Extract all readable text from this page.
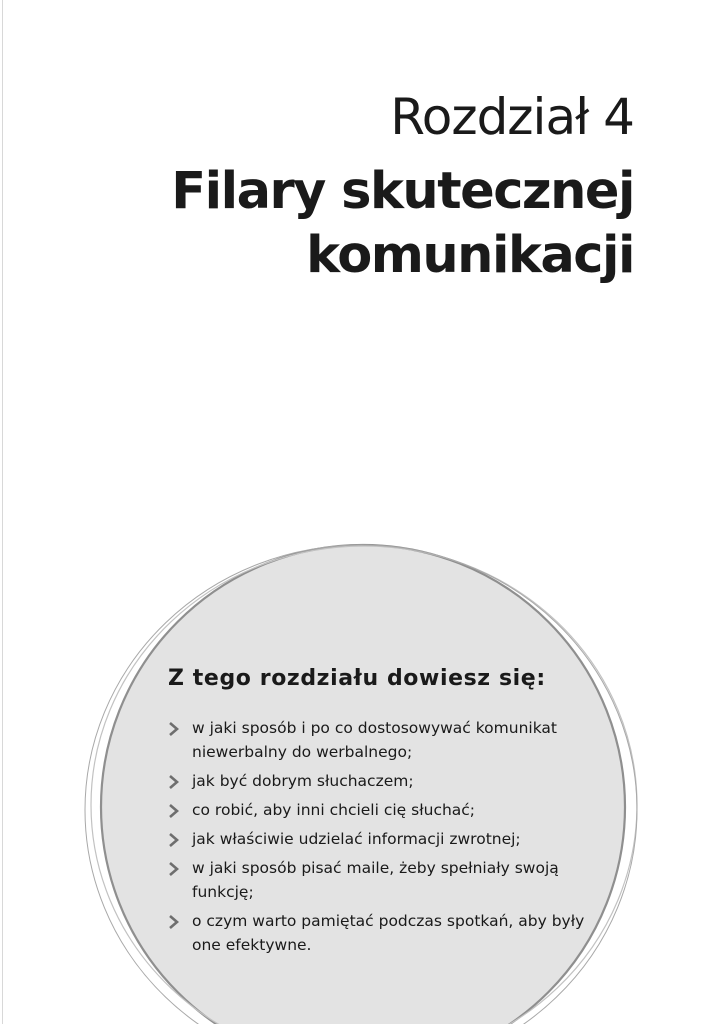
Rozdział 4
Filary skutecznej
komunikacji
Z tego rozdziału dowiesz się:
w jaki sposób i po co dostosowywać komunikat niewerbalny do werbalnego;
jak być dobrym słuchaczem;
co robić, aby inni chcieli cię słuchać;
jak właściwie udzielać informacji zwrotnej;
w jaki sposób pisać maile, żeby spełniały swoją funkcję;
o czym warto pamiętać podczas spotkań, aby były one efektywne.
